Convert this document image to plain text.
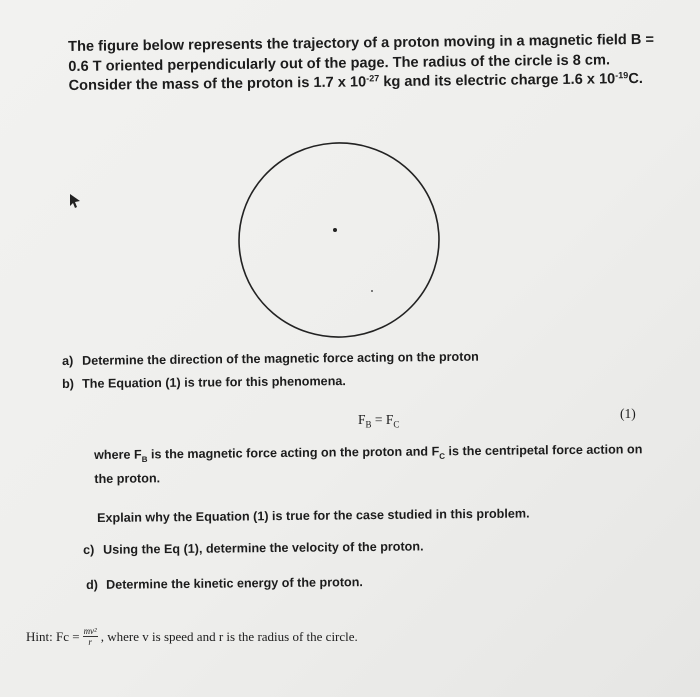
The figure below represents the trajectory of a proton moving in a magnetic field B = 0.6 T oriented perpendicularly out of the page. The radius of the circle is 8 cm. Consider the mass of the proton is 1.7 x $10^{-27}$ kg and its electric charge 1.6 x $10^{-19}C$.
a) Determine the direction of the magnetic force acting on the proton
b) The Equation (1) is true for this phenomena.
$F_B = F_C$
(1)
where $F_B$ is the magnetic force acting on the proton and $F_C$ is the centripetal force action on the proton.
Explain why the Equation (1) is true for the case studied in this problem.
c) Using the Eq (1), determine the velocity of the proton.
d) Determine the kinetic energy of the proton.
Hint: $Fc = \frac{\text{mv²}}{r}$ , where v is speed and r is the radius of the circle.
